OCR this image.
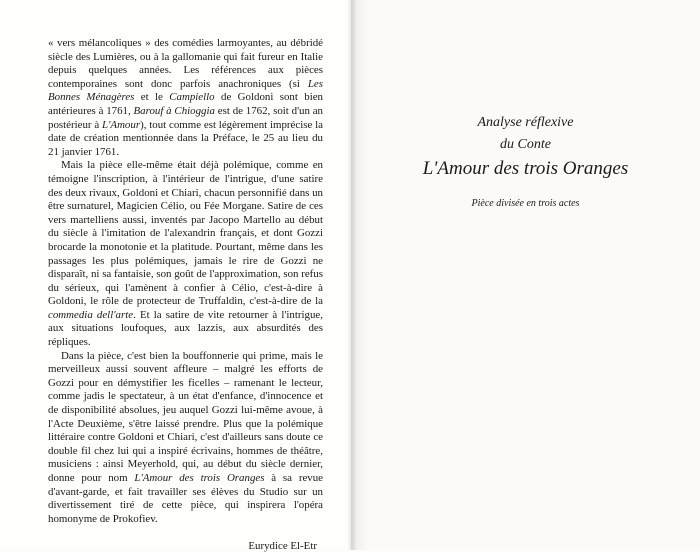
« vers mélancoliques » des comédies larmoyantes, au débridé siècle des Lumières, ou à la gallomanie qui fait fureur en Italie depuis quelques années. Les références aux pièces contemporaines sont donc parfois anachroniques (si Les Bonnes Ménagères et le Campiello de Goldoni sont bien antérieures à 1761, Barouf à Chioggia est de 1762, soit d'un an postérieur à L'Amour), tout comme est légèrement imprécise la date de création mentionnée dans la Préface, le 25 au lieu du 21 janvier 1761.

Mais la pièce elle-même était déjà polémique, comme en témoigne l'inscription, à l'intérieur de l'intrigue, d'une satire des deux rivaux, Goldoni et Chiari, chacun personnifié dans un être surnaturel, Magicien Célio, ou Fée Morgane. Satire de ces vers martelliens aussi, inventés par Jacopo Martello au début du siècle à l'imitation de l'alexandrin français, et dont Gozzi brocarde la monotonie et la platitude. Pourtant, même dans les passages les plus polémiques, jamais le rire de Gozzi ne disparaît, ni sa fantaisie, son goût de l'approximation, son refus du sérieux, qui l'amènent à confier à Célio, c'est-à-dire à Goldoni, le rôle de protecteur de Truffaldin, c'est-à-dire de la commedia dell'arte. Et la satire de vite retourner à l'intrigue, aux situations loufoques, aux lazzis, aux absurdités des répliques.

Dans la pièce, c'est bien la bouffonnerie qui prime, mais le merveilleux aussi souvent affleure – malgré les efforts de Gozzi pour en démystifier les ficelles – ramenant le lecteur, comme jadis le spectateur, à un état d'enfance, d'innocence et de disponibilité absolues, jeu auquel Gozzi lui-même avoue, à l'Acte Deuxième, s'être laissé prendre. Plus que la polémique littéraire contre Goldoni et Chiari, c'est d'ailleurs sans doute ce double fil chez lui qui a inspiré écrivains, hommes de théâtre, musiciens : ainsi Meyerhold, qui, au début du siècle dernier, donne pour nom L'Amour des trois Oranges à sa revue d'avant-garde, et fait travailler ses élèves du Studio sur un divertissement tiré de cette pièce, qui inspirera l'opéra homonyme de Prokofiev.

Eurydice El-Etr
Analyse réflexive
du Conte
L'Amour des trois Oranges
Pièce divisée en trois actes
